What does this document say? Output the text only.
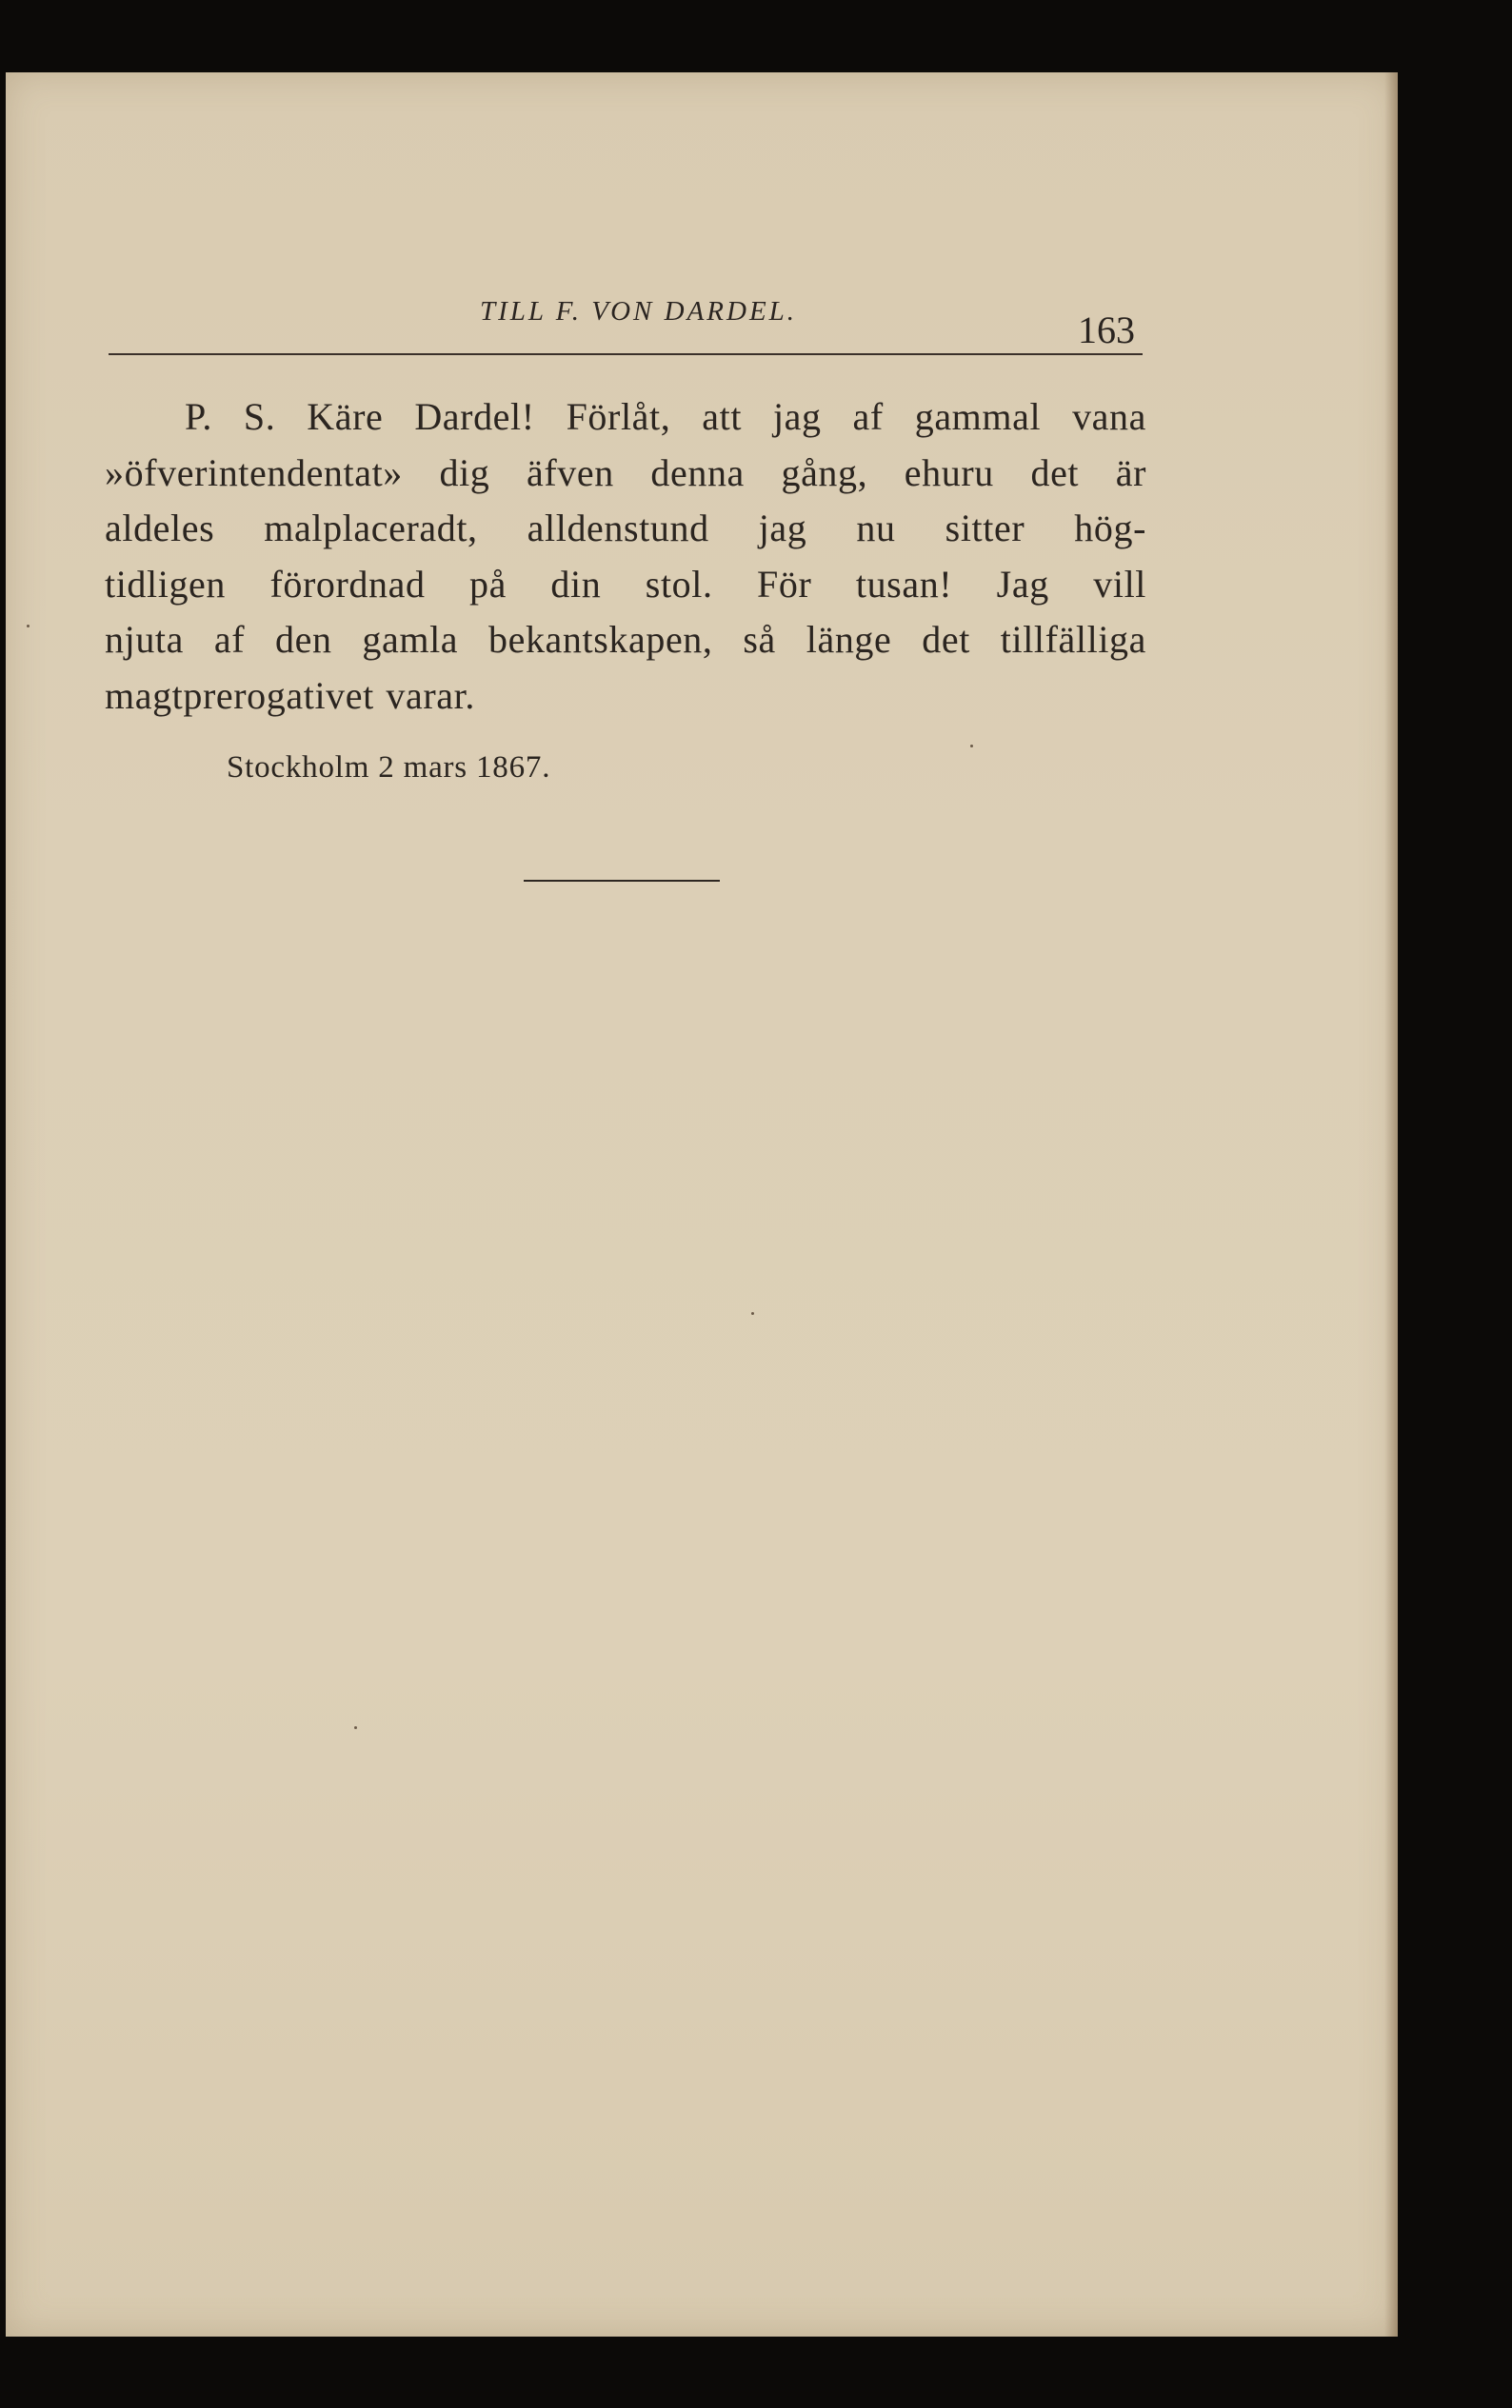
TILL F. VON DARDEL.	163
P. S. Käre Dardel! Förlåt, att jag af gammal vana
»öfverintendentat» dig äfven denna gång, ehuru det är
aldeles malplaceradt, alldenstund jag nu sitter hög-
tidligen förordnad på din stol. För tusan! Jag vill
njuta af den gamla bekantskapen, så länge det tillfälliga
magtprerogativet varar.
Stockholm 2 mars 1867.
